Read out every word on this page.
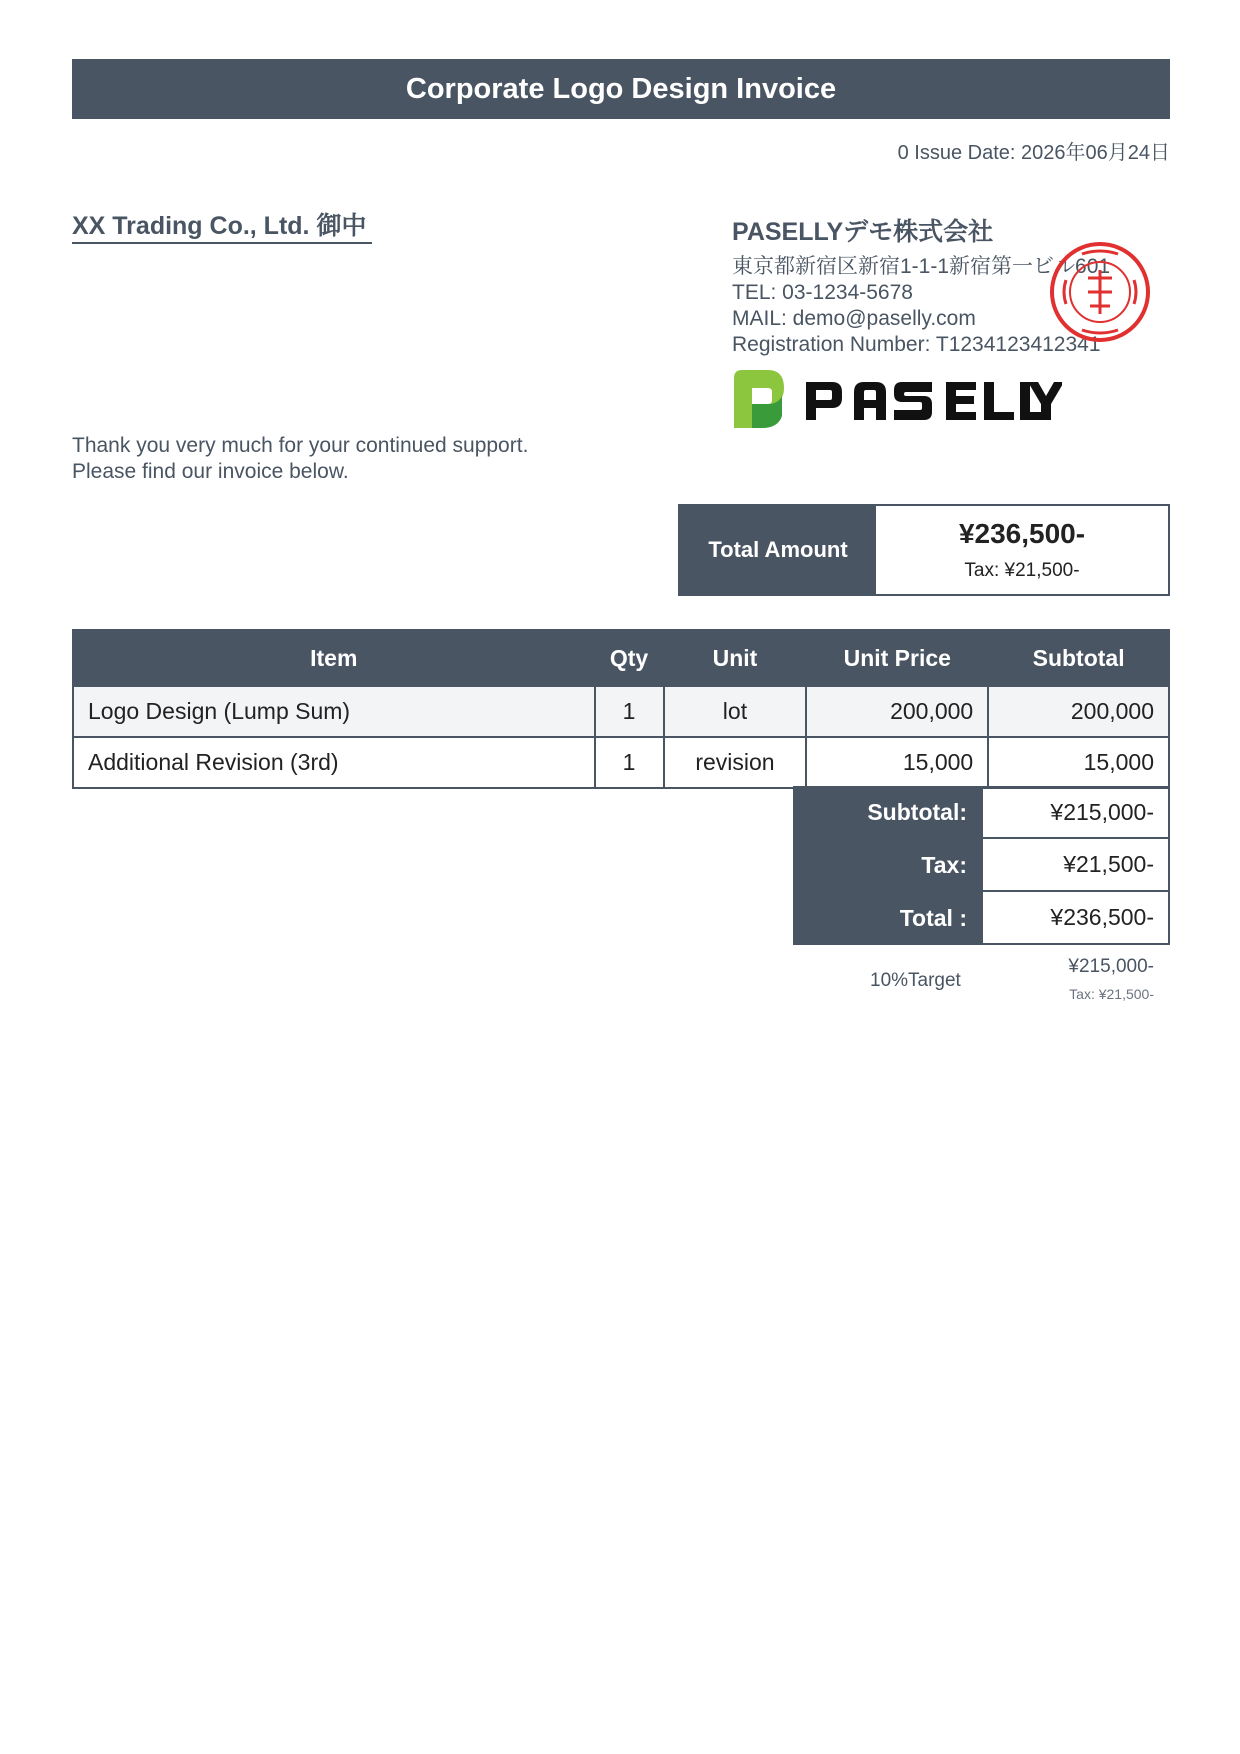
Corporate Logo Design Invoice
0 Issue Date: 2026年06月24日
XX Trading Co., Ltd. 御中	PASELLYデモ株式会社
東京都新宿区新宿1-1-1新宿第一ビル601
TEL: 03-1234-5678
MAIL: demo@paselly.com
Registration Number: T1234123412341
Thank you very much for your continued support.
Please find our invoice below.
Total Amount
¥236,500-
Tax: ¥21,500-
Item	Qty	Unit	Unit Price	Subtotal
Logo Design (Lump Sum)	1	lot	200,000	200,000
Additional Revision (3rd)	1	revision	15,000	15,000
Subtotal:	¥215,000-
Tax:	¥21,500-
Total :	¥236,500-
10%Target
¥215,000-
Tax: ¥21,500-
